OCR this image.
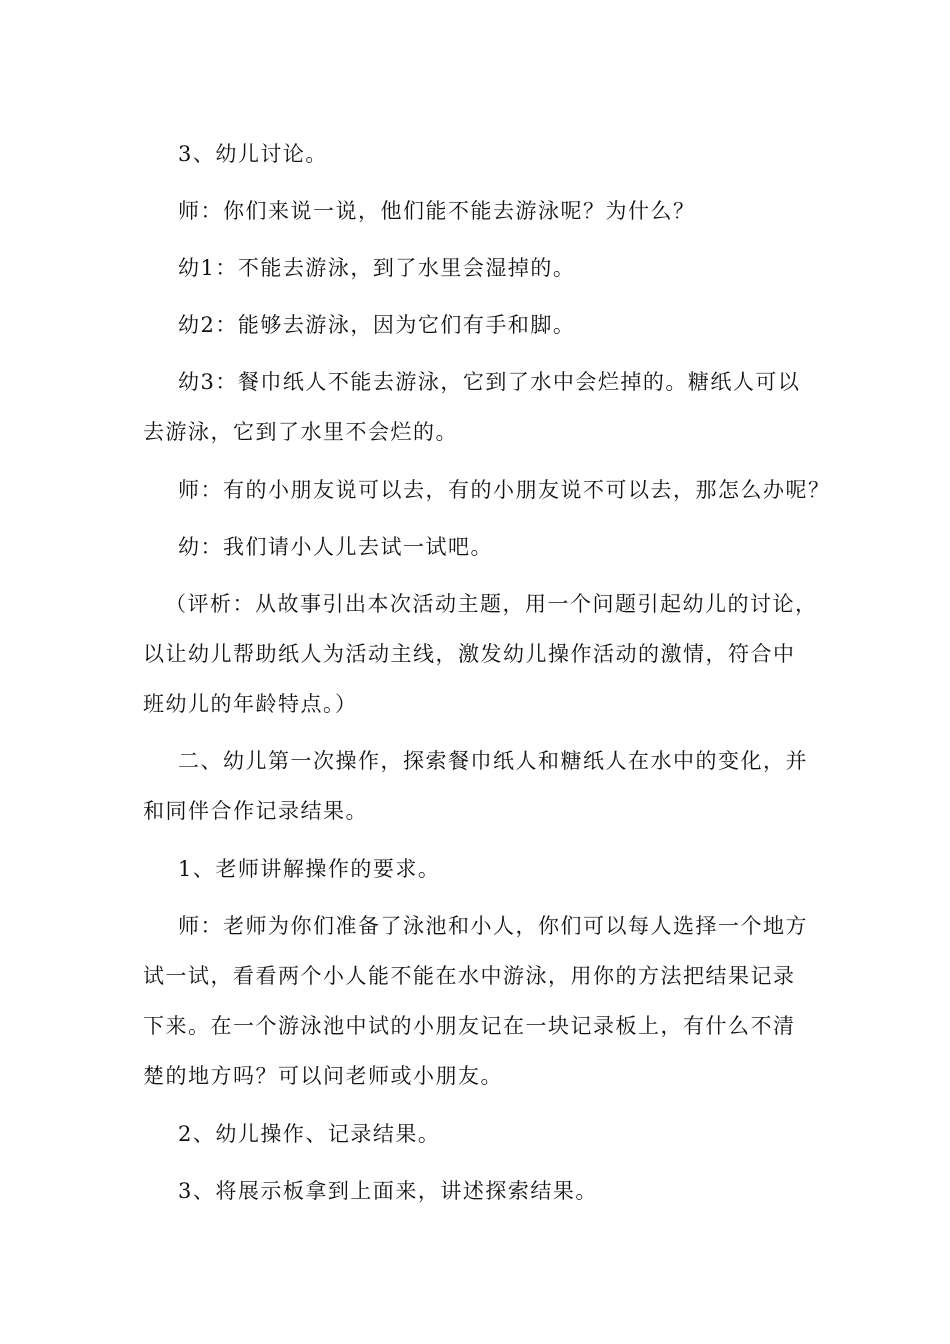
3、幼儿讨论。
师：你们来说一说，他们能不能去游泳呢？为什么？
幼1：不能去游泳，到了水里会湿掉的。
幼2：能够去游泳，因为它们有手和脚。
幼3：餐巾纸人不能去游泳，它到了水中会烂掉的。糖纸人可以
去游泳，它到了水里不会烂的。
师：有的小朋友说可以去，有的小朋友说不可以去，那怎么办呢？
幼：我们请小人儿去试一试吧。
（评析：从故事引出本次活动主题，用一个问题引起幼儿的讨论，
以让幼儿帮助纸人为活动主线，激发幼儿操作活动的激情，符合中
班幼儿的年龄特点。）
二、幼儿第一次操作，探索餐巾纸人和糖纸人在水中的变化，并
和同伴合作记录结果。
1、老师讲解操作的要求。
师：老师为你们准备了泳池和小人，你们可以每人选择一个地方
试一试，看看两个小人能不能在水中游泳，用你的方法把结果记录
下来。在一个游泳池中试的小朋友记在一块记录板上，有什么不清
楚的地方吗？可以问老师或小朋友。
2、幼儿操作、记录结果。
3、将展示板拿到上面来，讲述探索结果。
